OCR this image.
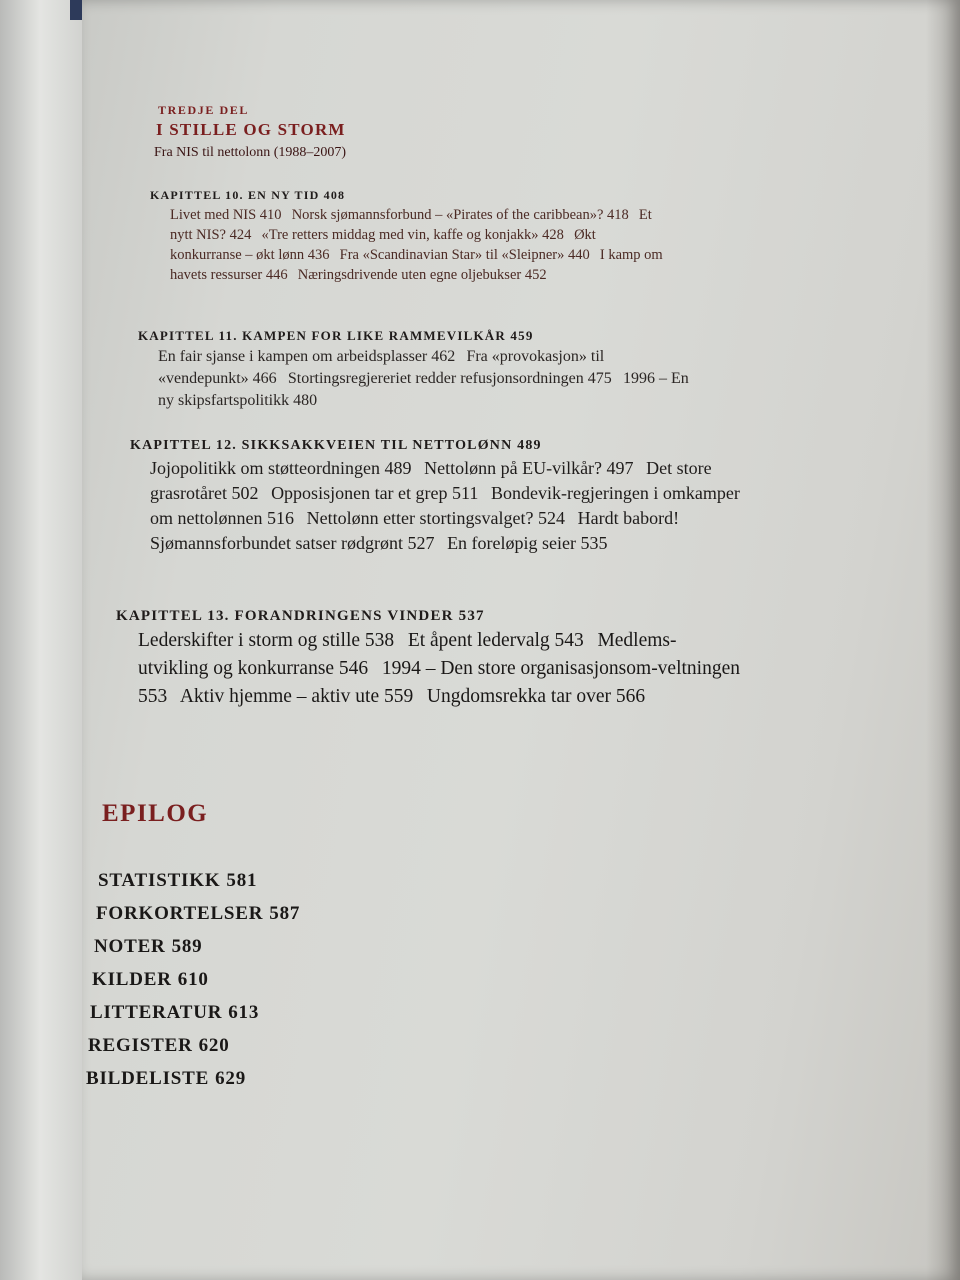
TREDJE DEL
I STILLE OG STORM
Fra NIS til nettolonn (1988–2007)
KAPITTEL 10. EN NY TID 408
Livet med NIS 410 Norsk sjømannsforbund – «Pirates of the caribbean»? 418 Et nytt NIS? 424 «Tre retters middag med vin, kaffe og konjakk» 428 Økt konkurranse – økt lønn 436 Fra «Scandinavian Star» til «Sleipner» 440 I kamp om havets ressurser 446 Næringsdrivende uten egne oljebukser 452
KAPITTEL 11. KAMPEN FOR LIKE RAMMEVILKÅR 459
En fair sjanse i kampen om arbeidsplasser 462 Fra «provokasjon» til «vendepunkt» 466 Stortingsregjereriet redder refusjonsordningen 475 1996 – En ny skipsfartspolitikk 480
KAPITTEL 12. SIKKSAKKVEIEN TIL NETTOLØNN 489
Jojopolitikk om støtteordningen 489 Nettolønn på EU-vilkår? 497 Det store grasrotåret 502 Opposisjonen tar et grep 511 Bondevik-regjeringen i omkamper om nettolønnen 516 Nettolønn etter stortingsvalget? 524 Hardt babord! Sjømannsforbundet satser rødgrønt 527 En foreløpig seier 535
KAPITTEL 13. FORANDRINGENS VINDER 537
Lederskifter i storm og stille 538 Et åpent ledervalg 543 Medlems-utvikling og konkurranse 546 1994 – Den store organisasjonsom-veltningen 553 Aktiv hjemme – aktiv ute 559 Ungdomsrekka tar over 566
EPILOG
STATISTIKK 581
FORKORTELSER 587
NOTER 589
KILDER 610
LITTERATUR 613
REGISTER 620
BILDELISTE 629
